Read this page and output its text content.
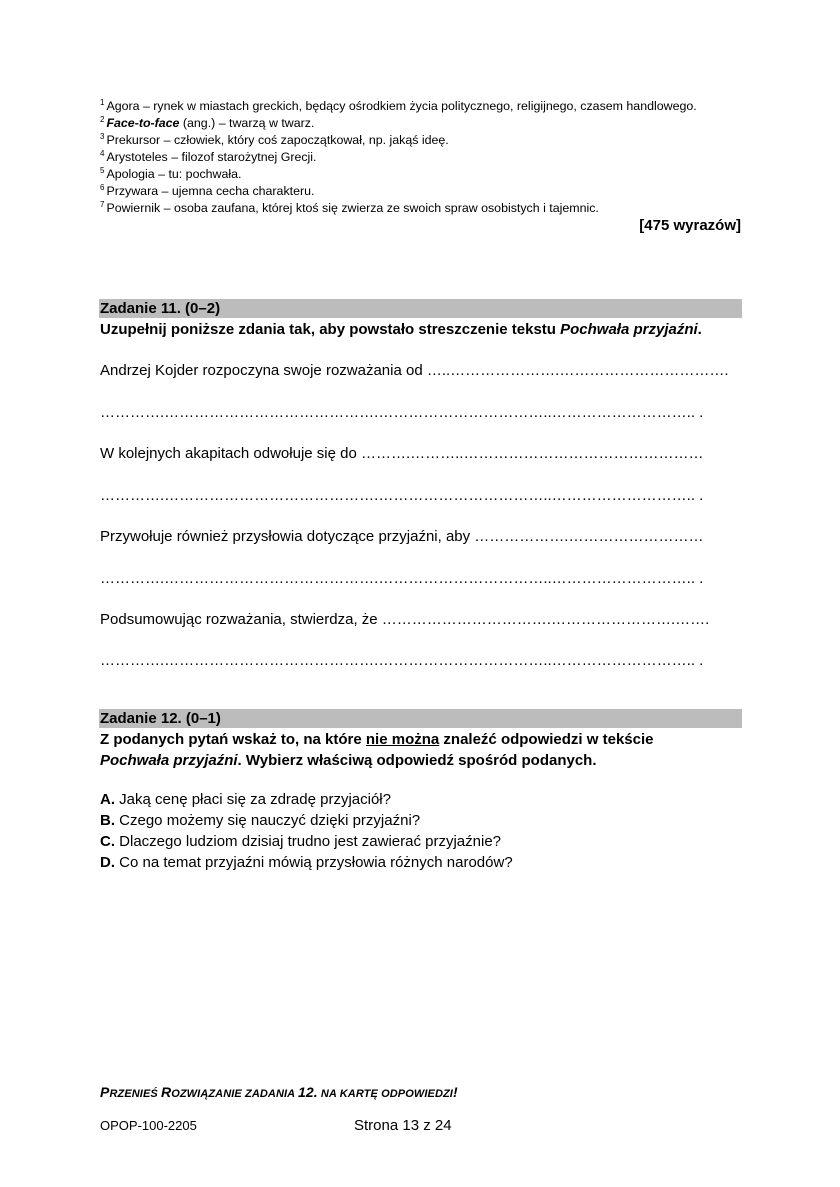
$^1$ Agora – rynek w miastach greckich, będący ośrodkiem życia politycznego, religijnego, czasem handlowego.
$^2$ Face-to-face (ang.) – twarzą w twarz.
$^3$ Prekursor – człowiek, który coś zapoczątkował, np. jakąś ideę.
$^4$ Arystoteles – filozof starożytnej Grecji.
$^5$ Apologia – tu: pochwała.
$^6$ Przywara – ujemna cecha charakteru.
$^7$ Powiernik – osoba zaufana, której ktoś się zwierza ze swoich spraw osobistych i tajemnic.
[475 wyrazów]
Zadanie 11. (0–2)
Uzupełnij poniższe zdania tak, aby powstało streszczenie tekstu Pochwała przyjaźni.
Andrzej Kojder rozpoczyna swoje rozważania od …..………………….…………………………….
………….…………………………………….……………………………..……………………….. .
W kolejnych akapitach odwołuje się do ……….………..…………………………………………
………….…………………………………….……………………………..……………………….. .
Przywołuje również przysłowia dotyczące przyjaźni, aby ……………….………………………
………….…………………………………….……………………………..……………………….. .
Podsumowując rozważania, stwierdza, że …………………………….…………………….…….
………….…………………………………….……………………………..……………………….. .
Zadanie 12. (0–1)
Z podanych pytań wskaż to, na które nie można znaleźć odpowiedzi w tekście
Pochwała przyjaźni. Wybierz właściwą odpowiedź spośród podanych.
A. Jaką cenę płaci się za zdradę przyjaciół?
B. Czego możemy się nauczyć dzięki przyjaźni?
C. Dlaczego ludziom dzisiaj trudno jest zawierać przyjaźnie?
D. Co na temat przyjaźni mówią przysłowia różnych narodów?
PRZENIEŚ ROZWIĄZANIE ZADANIA 12. NA KARTĘ ODPOWIEDZI!
OPOP-100-2205	Strona 13 z 24
